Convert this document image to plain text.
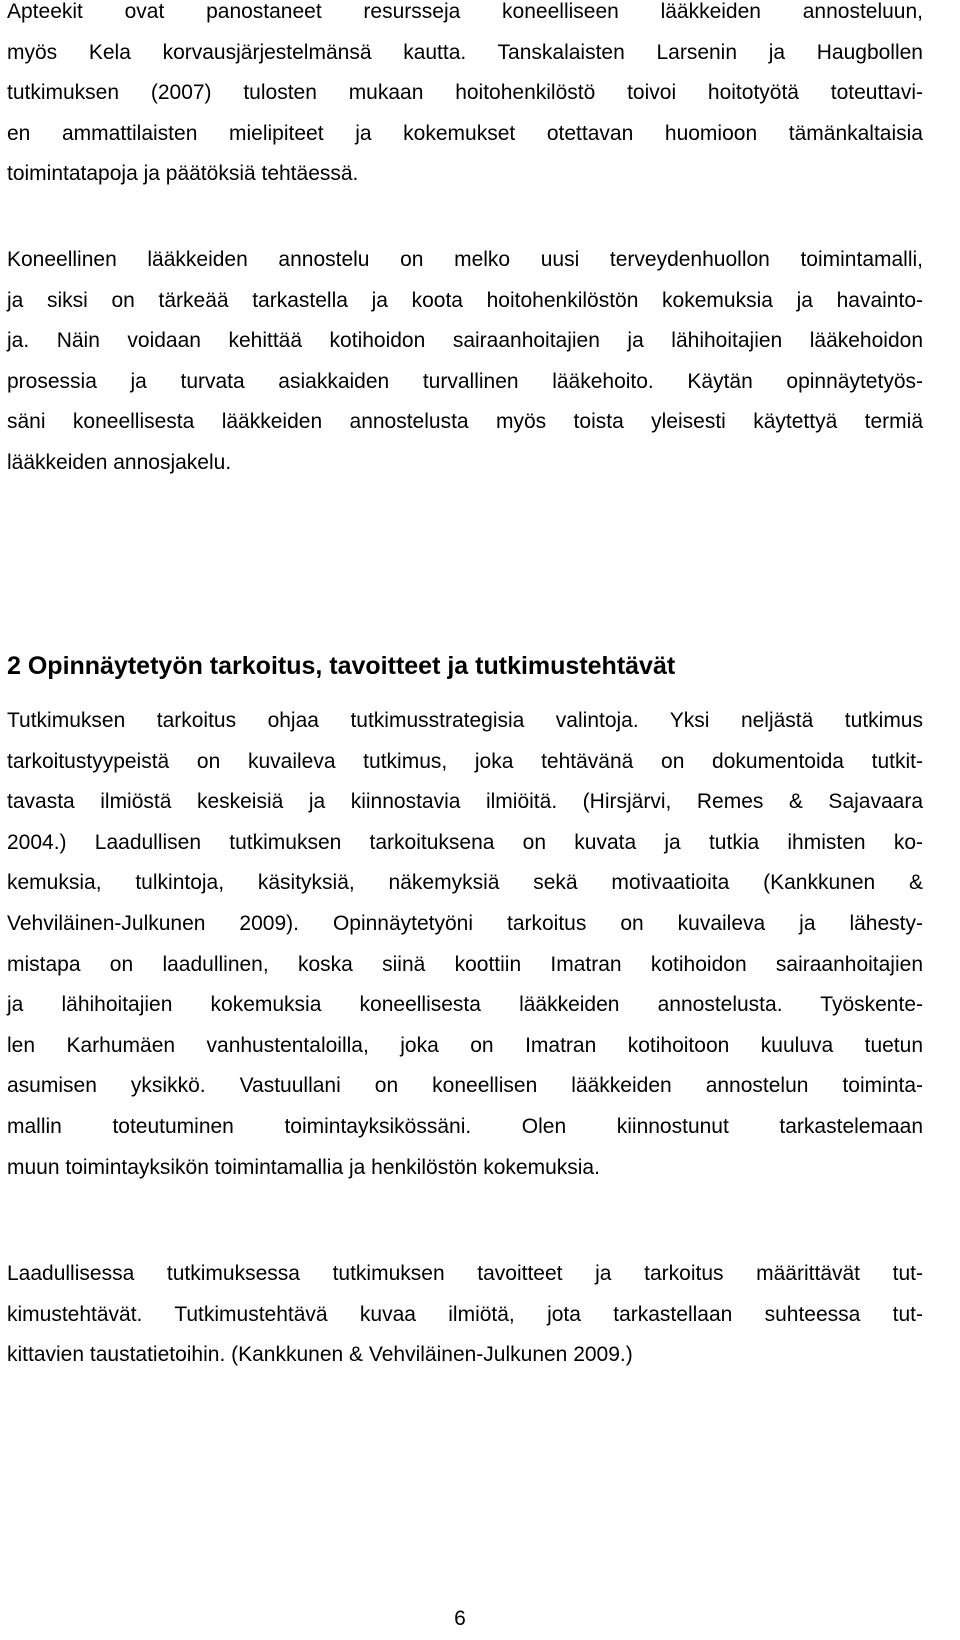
Apteekit ovat panostaneet resursseja koneelliseen lääkkeiden annosteluun,
myös Kela korvausjärjestelmänsä kautta. Tanskalaisten Larsenin ja Haugbollen
tutkimuksen (2007) tulosten mukaan hoitohenkilöstö toivoi hoitotyötä toteuttavi-
en ammattilaisten mielipiteet ja kokemukset otettavan huomioon tämänkaltaisia
toimintatapoja ja päätöksiä tehtäessä.

Koneellinen lääkkeiden annostelu on melko uusi terveydenhuollon toimintamalli,
ja siksi on tärkeää tarkastella ja koota hoitohenkilöstön kokemuksia ja havainto-
ja. Näin voidaan kehittää kotihoidon sairaanhoitajien ja lähihoitajien lääkehoidon
prosessia ja turvata asiakkaiden turvallinen lääkehoito. Käytän opinnäytetyös-
säni koneellisesta lääkkeiden annostelusta myös toista yleisesti käytettyä termiä
lääkkeiden annosjakelu.

2 Opinnäytetyön tarkoitus, tavoitteet ja tutkimustehtävät

Tutkimuksen tarkoitus ohjaa tutkimusstrategisia valintoja. Yksi neljästä tutkimus
tarkoitustyypeistä on kuvaileva tutkimus, joka tehtävänä on dokumentoida tutkit-
tavasta ilmiöstä keskeisiä ja kiinnostavia ilmiöitä. (Hirsjärvi, Remes & Sajavaara
2004.) Laadullisen tutkimuksen tarkoituksena on kuvata ja tutkia ihmisten ko-
kemuksia, tulkintoja, käsityksiä, näkemyksiä sekä motivaatioita (Kankkunen &
Vehviläinen-Julkunen 2009). Opinnäytetyöni tarkoitus on kuvaileva ja lähesty-
mistapa on laadullinen, koska siinä koottiin Imatran kotihoidon sairaanhoitajien
ja lähihoitajien kokemuksia koneellisesta lääkkeiden annostelusta. Työskente-
len Karhumäen vanhustentaloilla, joka on Imatran kotihoitoon kuuluva tuetun
asumisen yksikkö. Vastuullani on koneellisen lääkkeiden annostelun toiminta-
mallin toteutuminen toimintayksikössäni. Olen kiinnostunut tarkastelemaan
muun toimintayksikön toimintamallia ja henkilöstön kokemuksia.

Laadullisessa tutkimuksessa tutkimuksen tavoitteet ja tarkoitus määrittävät tut-
kimustehtävät. Tutkimustehtävä kuvaa ilmiötä, jota tarkastellaan suhteessa tut-
kittavien taustatietoihin. (Kankkunen & Vehviläinen-Julkunen 2009.)

6
